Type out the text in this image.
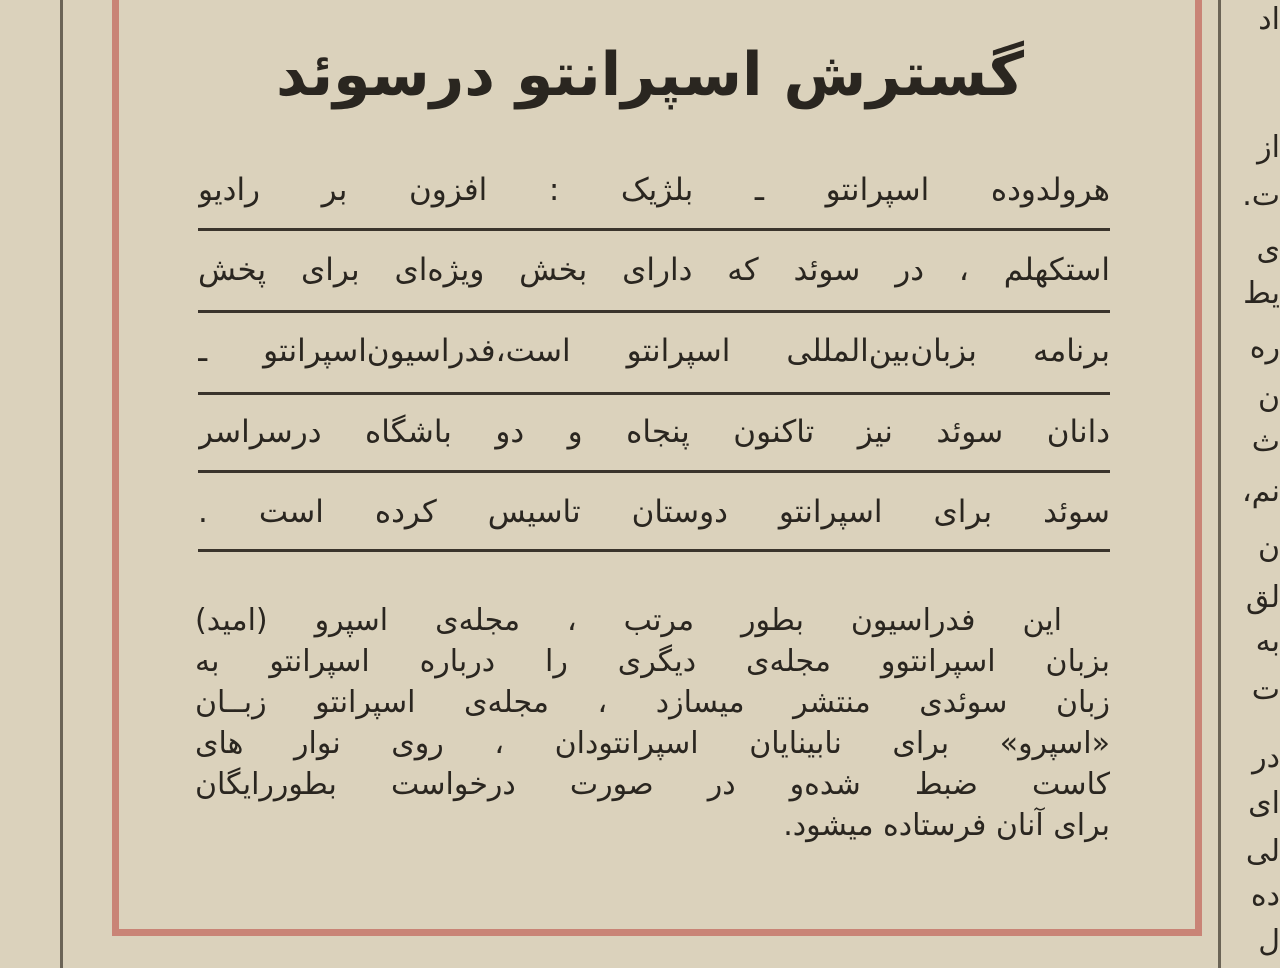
گسترش اسپرانتو درسوئد
هرولدوده اسپرانتو ـ بلژیک : افزون بر رادیو
استکهلم ، در سوئد که دارای بخش ویژه‌ای برای پخش
برنامه بزبان‌بین‌المللی اسپرانتو است،فدراسیون‌اسپرانتو ـ
دانان سوئد نیز تاکنون پنجاه و دو باشگاه درسراسر
سوئد برای اسپرانتو دوستان تاسیس کرده است .
این فدراسیون بطور مرتب ، مجله‌ی اسپرو (امید)
بزبان اسپرانتوو مجله‌ی دیگری را درباره اسپرانتو به
زبان سوئدی منتشر میسازد ، مجله‌ی اسپرانتو زبــان
«اسپرو» برای نابینایان اسپرانتودان ، روی نوار های
کاست ضبط شده‌و در صورت درخواست بطوررایگان
برای آنان فرستاده میشود.
اد
از
ت.
ی
یط
ره
ن
ث
نم،
ن
لق
به
ت
در
ای
لی
ده
ل
